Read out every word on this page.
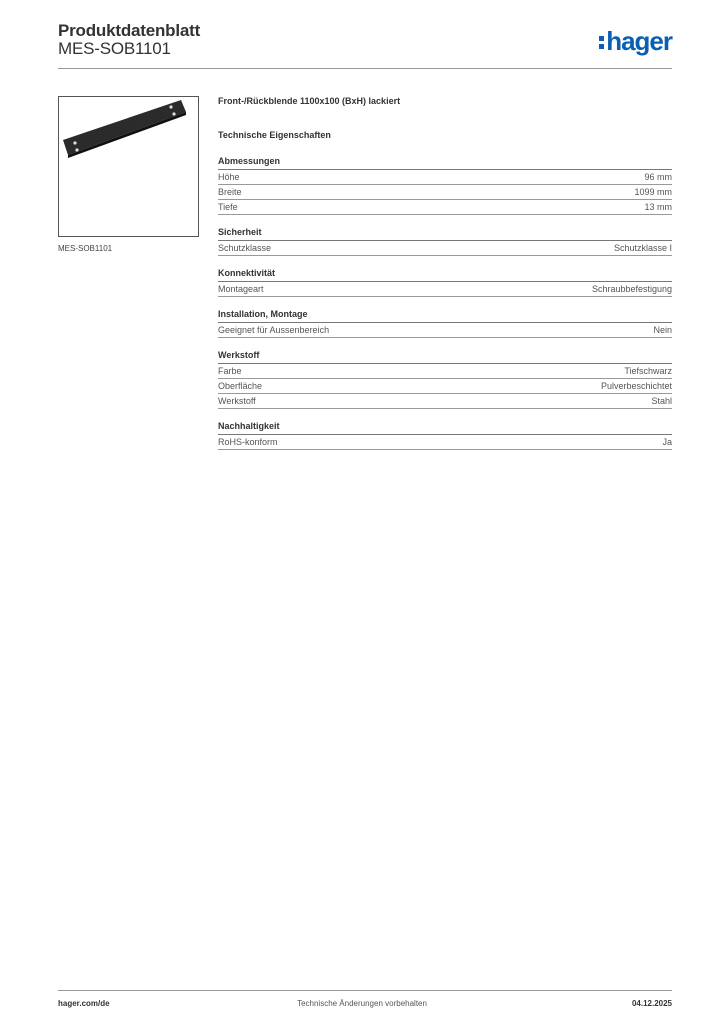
Produktdatenblatt
MES-SOB1101	hager
MES-SOB1101
Front-/Rückblende 1100x100 (BxH) lackiert
Technische Eigenschaften
Abmessungen
Höhe	96 mm
Breite	1099 mm
Tiefe	13 mm
Sicherheit
Schutzklasse	Schutzklasse I
Konnektivität
Montageart	Schraubbefestigung
Installation, Montage
Geeignet für Aussenbereich	Nein
Werkstoff
Farbe	Tiefschwarz
Oberfläche	Pulverbeschichtet
Werkstoff	Stahl
Nachhaltigkeit
RoHS-konform	Ja
hager.com/de	Technische Änderungen vorbehalten	04.12.2025
